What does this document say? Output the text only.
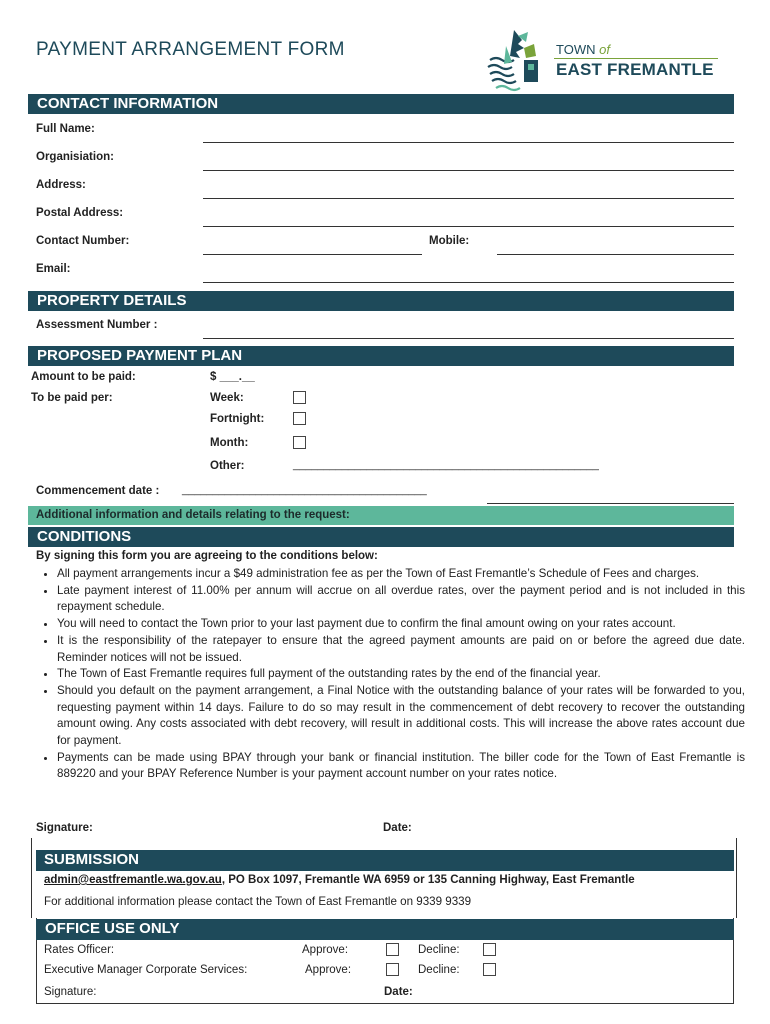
PAYMENT ARRANGEMENT FORM	TOWN of
EAST FREMANTLE
CONTACT INFORMATION
Full Name:
Organisiation:
Address:
Postal Address:
Contact Number:	Mobile:
Email:
PROPERTY DETAILS
Assessment Number :
PROPOSED PAYMENT PLAN
Amount to be paid:	$ ___.__
To be paid per:	Week:
Fortnight:
Month:
Other:	__________________________________________________
Commencement date : ________________________________________
Additional information and details relating to the request:
CONDITIONS
By signing this form you are agreeing to the conditions below:
• All payment arrangements incur a $49 administration fee as per the Town of East Fremantle’s Schedule of Fees and charges.
• Late payment interest of 11.00% per annum will accrue on all overdue rates, over the payment period and is not included in this repayment schedule.
• You will need to contact the Town prior to your last payment due to confirm the final amount owing on your rates account.
• It is the responsibility of the ratepayer to ensure that the agreed payment amounts are paid on or before the agreed due date. Reminder notices will not be issued.
• The Town of East Fremantle requires full payment of the outstanding rates by the end of the financial year.
• Should you default on the payment arrangement, a Final Notice with the outstanding balance of your rates will be forwarded to you, requesting payment within 14 days. Failure to do so may result in the commencement of debt recovery to recover the outstanding amount owing. Any costs associated with debt recovery, will result in additional costs. This will increase the above rates account due for payment.
• Payments can be made using BPAY through your bank or financial institution. The biller code for the Town of East Fremantle is 889220 and your BPAY Reference Number is your payment account number on your rates notice.
Signature:	Date:
SUBMISSION
admin@eastfremantle.wa.gov.au, PO Box 1097, Fremantle WA 6959 or 135 Canning Highway, East Fremantle
For additional information please contact the Town of East Fremantle on 9339 9339
OFFICE USE ONLY
Rates Officer:	Approve:	Decline:
Executive Manager Corporate Services:	Approve:	Decline:
Signature:	Date:
